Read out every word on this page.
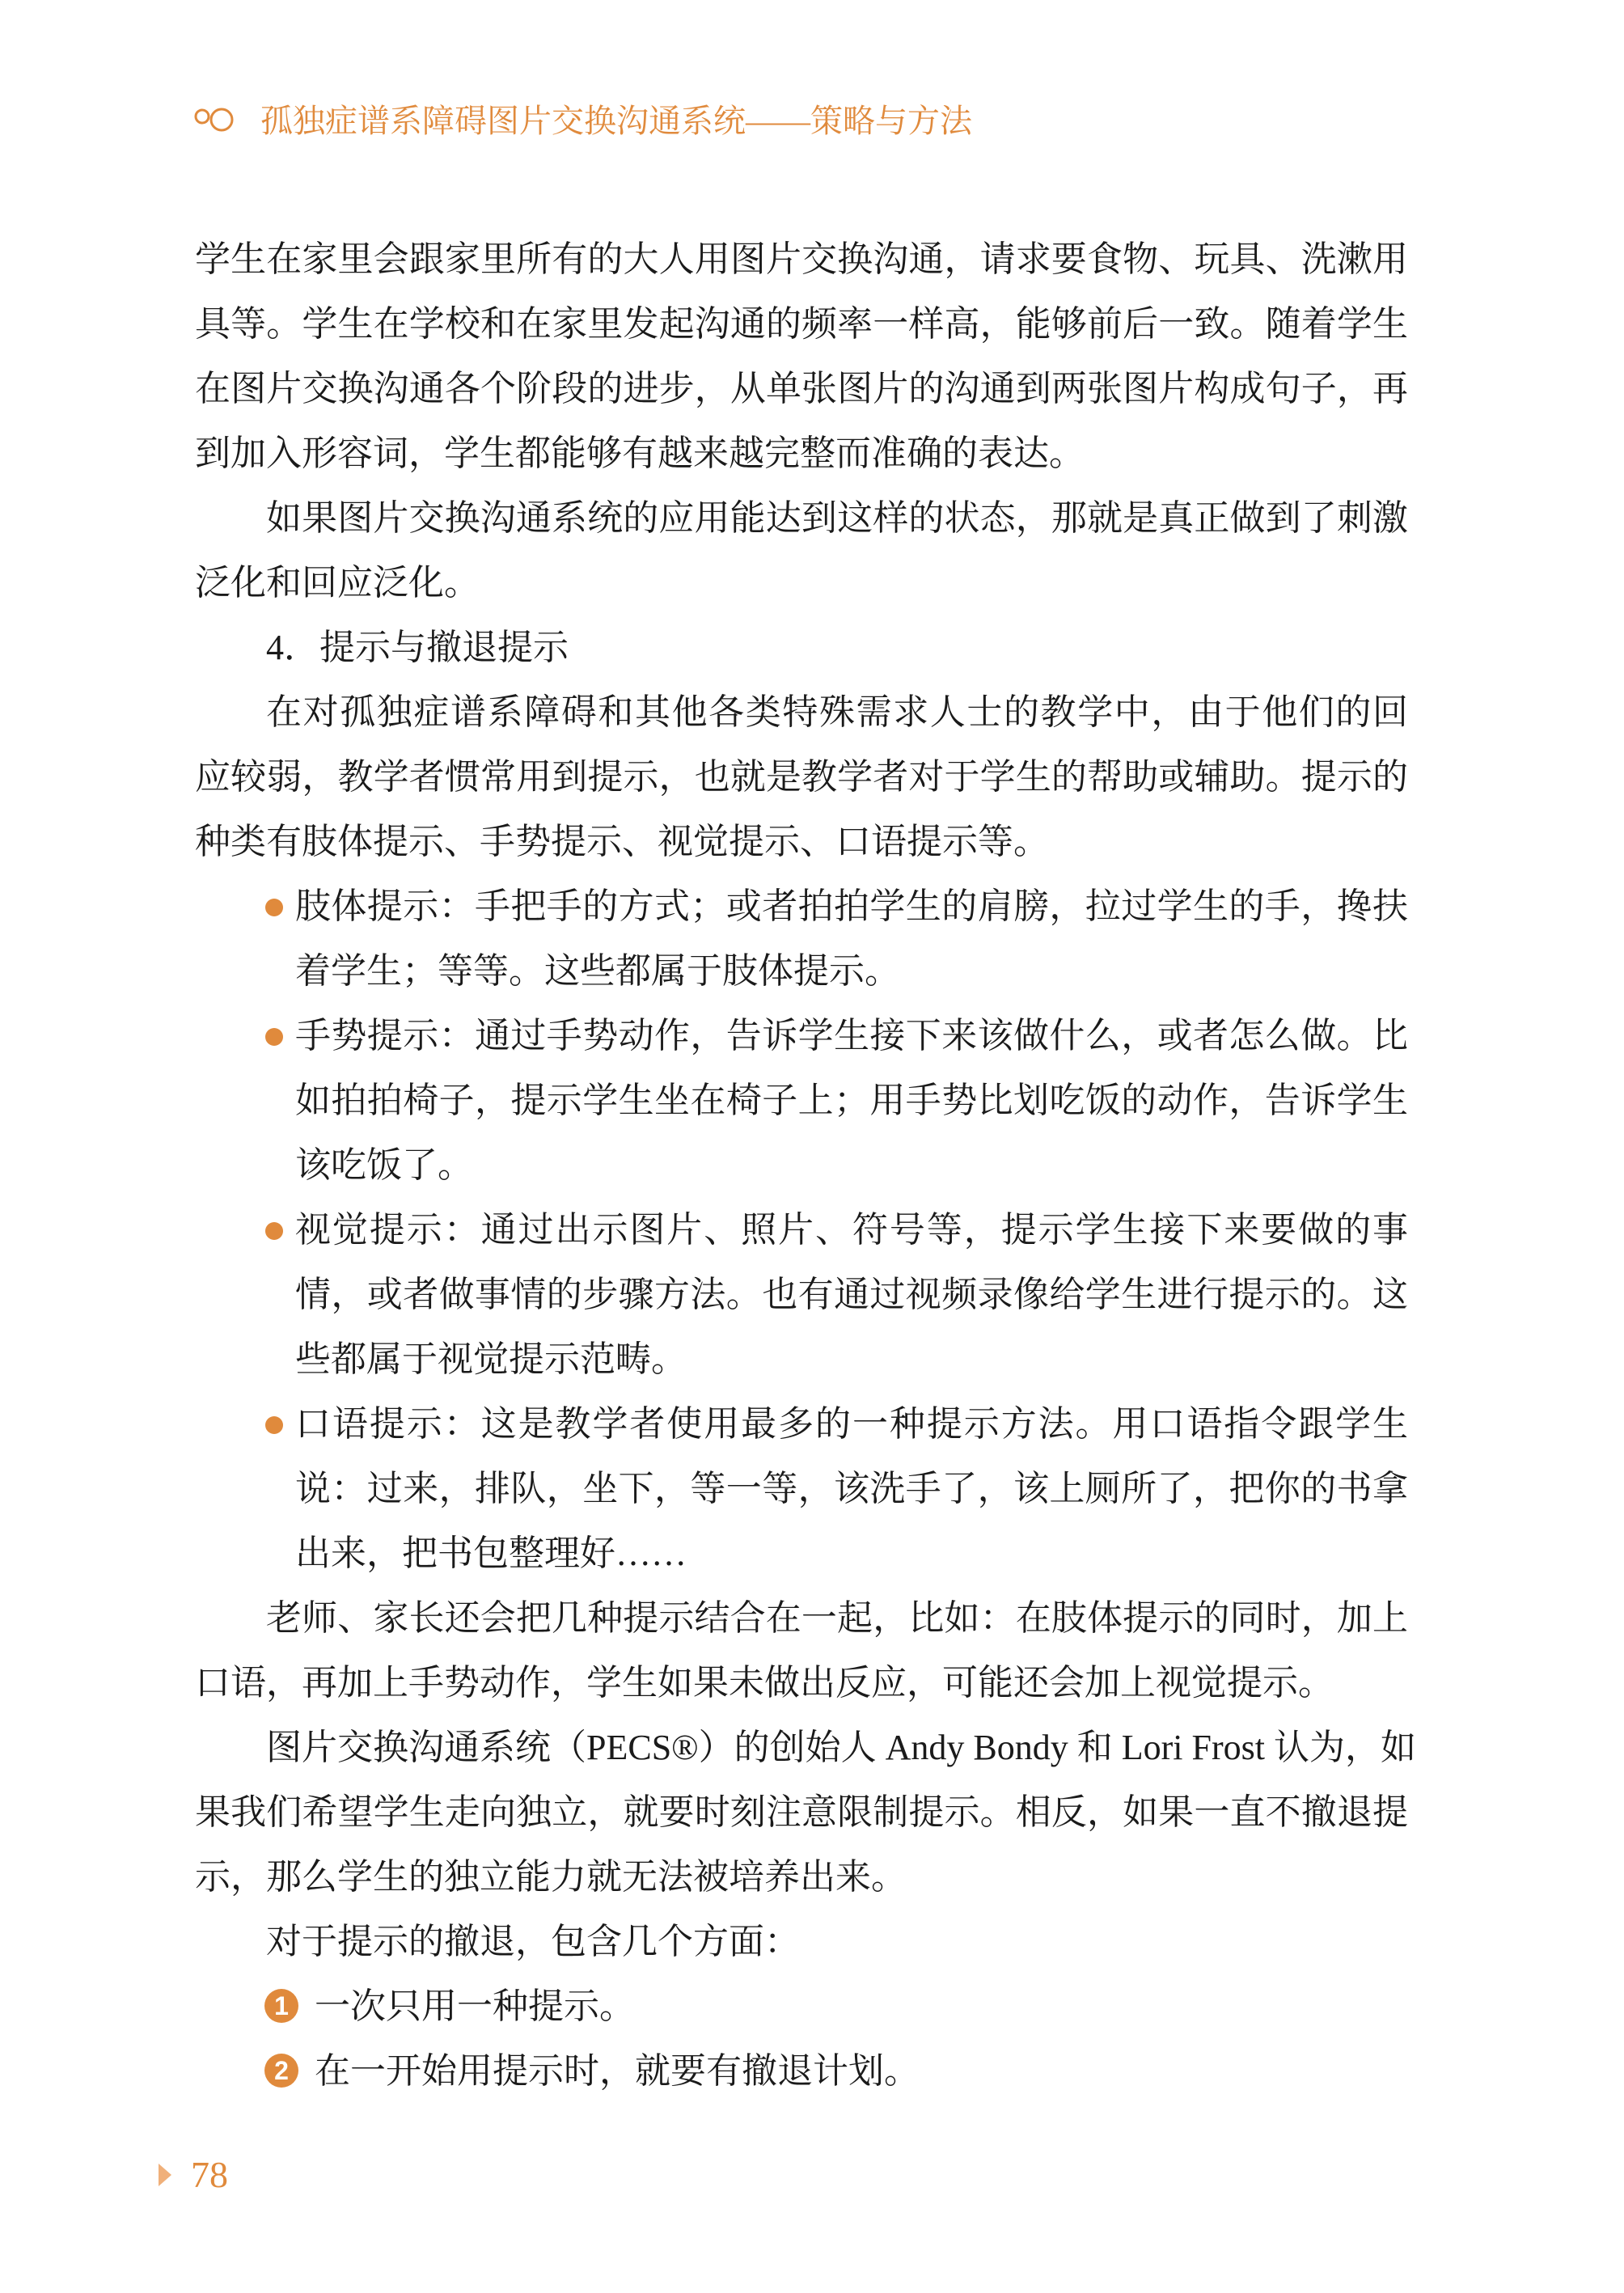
孤独症谱系障碍图片交换沟通系统——策略与方法
学生在家里会跟家里所有的大人用图片交换沟通，请求要食物、玩具、洗漱用
具等。学生在学校和在家里发起沟通的频率一样高，能够前后一致。随着学生
在图片交换沟通各个阶段的进步，从单张图片的沟通到两张图片构成句子，再
到加入形容词，学生都能够有越来越完整而准确的表达。
如果图片交换沟通系统的应用能达到这样的状态，那就是真正做到了刺激
泛化和回应泛化。
4．提示与撤退提示
在对孤独症谱系障碍和其他各类特殊需求人士的教学中，由于他们的回
应较弱，教学者惯常用到提示，也就是教学者对于学生的帮助或辅助。提示的
种类有肢体提示、手势提示、视觉提示、口语提示等。
肢体提示：手把手的方式；或者拍拍学生的肩膀，拉过学生的手，搀扶
着学生；等等。这些都属于肢体提示。
手势提示：通过手势动作，告诉学生接下来该做什么，或者怎么做。比
如拍拍椅子，提示学生坐在椅子上；用手势比划吃饭的动作，告诉学生
该吃饭了。
视觉提示：通过出示图片、照片、符号等，提示学生接下来要做的事
情，或者做事情的步骤方法。也有通过视频录像给学生进行提示的。这
些都属于视觉提示范畴。
口语提示：这是教学者使用最多的一种提示方法。用口语指令跟学生
说：过来，排队，坐下，等一等，该洗手了，该上厕所了，把你的书拿
出来，把书包整理好……
老师、家长还会把几种提示结合在一起，比如：在肢体提示的同时，加上
口语，再加上手势动作，学生如果未做出反应，可能还会加上视觉提示。
图片交换沟通系统（PECS®）的创始人 Andy Bondy 和 Lori Frost 认为，如
果我们希望学生走向独立，就要时刻注意限制提示。相反，如果一直不撤退提
示，那么学生的独立能力就无法被培养出来。
对于提示的撤退，包含几个方面：
1 一次只用一种提示。
2 在一开始用提示时，就要有撤退计划。
78
